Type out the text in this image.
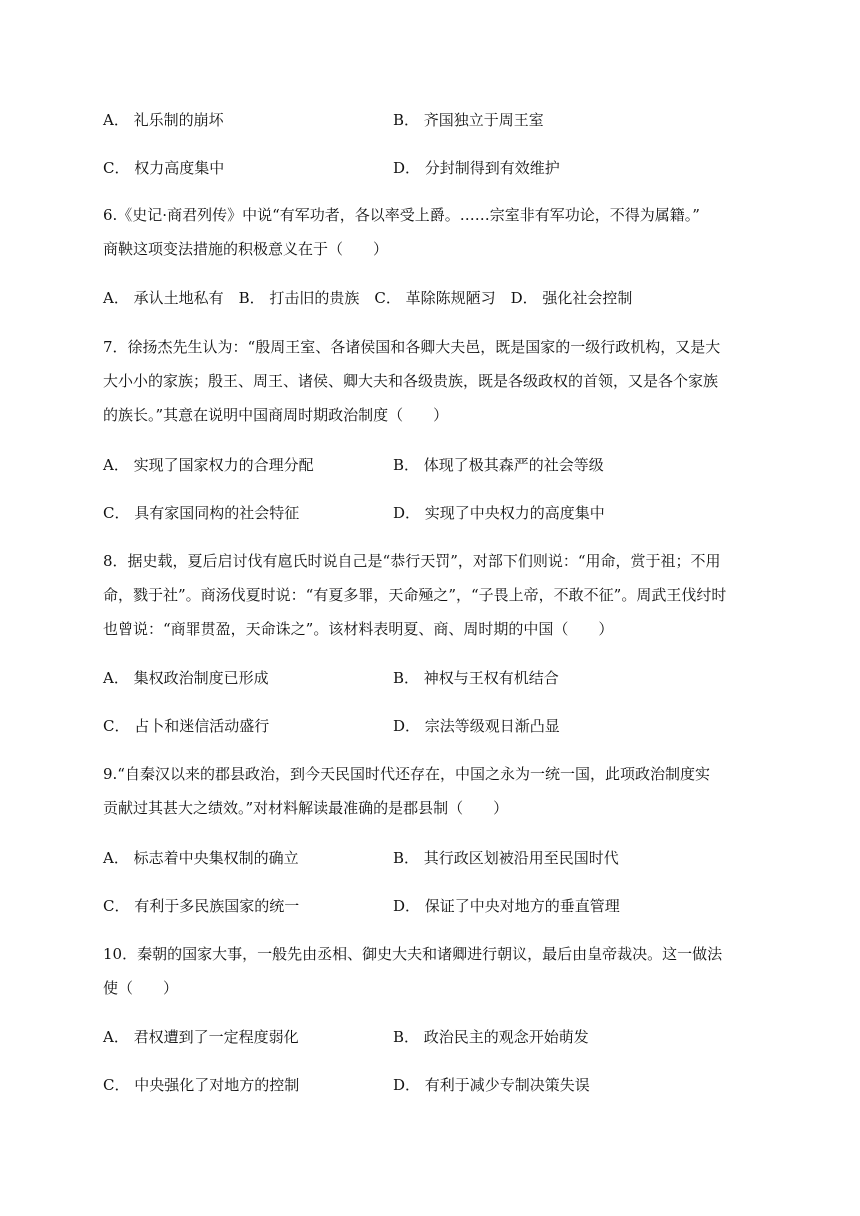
A． 礼乐制的崩坏	B． 齐国独立于周王室
C． 权力高度集中	D． 分封制得到有效维护
6.《史记·商君列传》中说“有军功者，各以率受上爵。……宗室非有军功论，不得为属籍。”
商鞅这项变法措施的积极意义在于（　　）
A． 承认土地私有　B． 打击旧的贵族　C． 革除陈规陋习　D． 强化社会控制
7．徐扬杰先生认为：“殷周王室、各诸侯国和各卿大夫邑，既是国家的一级行政机构，又是大
大小小的家族；殷王、周王、诸侯、卿大夫和各级贵族，既是各级政权的首领，又是各个家族
的族长。”其意在说明中国商周时期政治制度（　　）
A． 实现了国家权力的合理分配	B． 体现了极其森严的社会等级
C． 具有家国同构的社会特征	D． 实现了中央权力的高度集中
8．据史载，夏后启讨伐有扈氏时说自己是“恭行天罚”，对部下们则说：“用命，赏于祖；不用
命，戮于社”。商汤伐夏时说：“有夏多罪，天命殛之”，“子畏上帝，不敢不征”。周武王伐纣时
也曾说：“商罪贯盈，天命诛之”。该材料表明夏、商、周时期的中国（　　）
A． 集权政治制度已形成	B． 神权与王权有机结合
C． 占卜和迷信活动盛行	D． 宗法等级观日渐凸显
9.“自秦汉以来的郡县政治，到今天民国时代还存在，中国之永为一统一国，此项政治制度实
贡献过其甚大之绩效。”对材料解读最准确的是郡县制（　　）
A． 标志着中央集权制的确立	B． 其行政区划被沿用至民国时代
C． 有利于多民族国家的统一	D． 保证了中央对地方的垂直管理
10．秦朝的国家大事，一般先由丞相、御史大夫和诸卿进行朝议，最后由皇帝裁决。这一做法
使（　　）
A． 君权遭到了一定程度弱化	B． 政治民主的观念开始萌发
C． 中央强化了对地方的控制	D． 有利于减少专制决策失误
